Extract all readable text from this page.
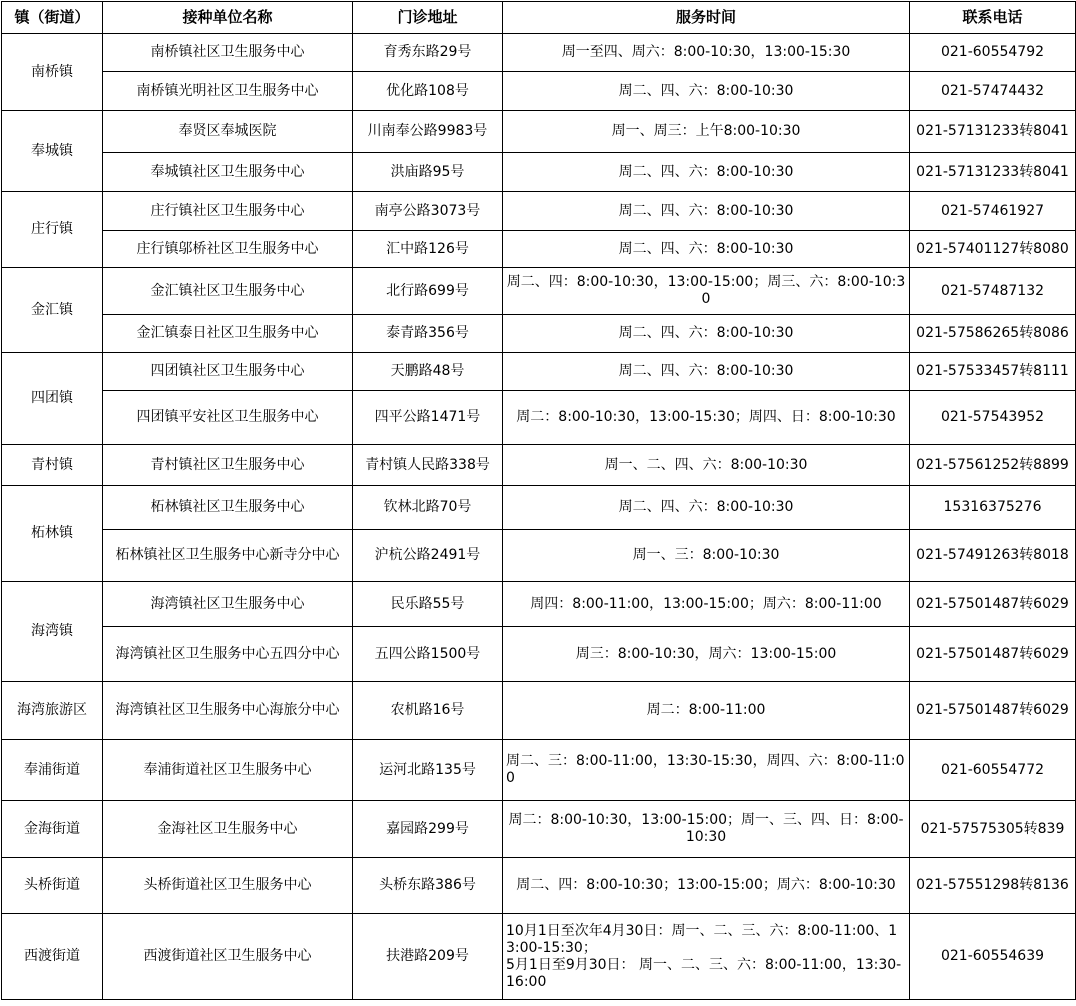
镇（街道）	接种单位名称	门诊地址	服务时间	联系电话
南桥镇	南桥镇社区卫生服务中心	育秀东路29号	周一至四、周六：8:00-10:30，13:00-15:30	021-60554792
	南桥镇光明社区卫生服务中心	优化路108号	周二、四、六：8:00-10:30	021-57474432
奉城镇	奉贤区奉城医院	川南奉公路9983号	周一、周三：上午8:00-10:30	021-57131233转8041
	奉城镇社区卫生服务中心	洪庙路95号	周二、四、六：8:00-10:30	021-57131233转8041
庄行镇	庄行镇社区卫生服务中心	南亭公路3073号	周二、四、六：8:00-10:30	021-57461927
	庄行镇邬桥社区卫生服务中心	汇中路126号	周二、四、六：8:00-10:30	021-57401127转8080
金汇镇	金汇镇社区卫生服务中心	北行路699号	周二、四：8:00-10:30，13:00-15:00；周三、六：8:00-10:30	021-57487132
	金汇镇泰日社区卫生服务中心	泰青路356号	周二、四、六：8:00-10:30	021-57586265转8086
四团镇	四团镇社区卫生服务中心	天鹏路48号	周二、四、六：8:00-10:30	021-57533457转8111
	四团镇平安社区卫生服务中心	四平公路1471号	周二：8:00-10:30，13:00-15:30；周四、日：8:00-10:30	021-57543952
青村镇	青村镇社区卫生服务中心	青村镇人民路338号	周一、二、四、六：8:00-10:30	021-57561252转8899
柘林镇	柘林镇社区卫生服务中心	钦林北路70号	周二、四、六：8:00-10:30	15316375276
	柘林镇社区卫生服务中心新寺分中心	沪杭公路2491号	周一、三：8:00-10:30	021-57491263转8018
海湾镇	海湾镇社区卫生服务中心	民乐路55号	周四：8:00-11:00，13:00-15:00；周六：8:00-11:00	021-57501487转6029
	海湾镇社区卫生服务中心五四分中心	五四公路1500号	周三：8:00-10:30，周六：13:00-15:00	021-57501487转6029
海湾旅游区	海湾镇社区卫生服务中心海旅分中心	农机路16号	周二：8:00-11:00	021-57501487转6029
奉浦街道	奉浦街道社区卫生服务中心	运河北路135号	周二、三：8:00-11:00，13:30-15:30，周四、六：8:00-11:00	021-60554772
金海街道	金海社区卫生服务中心	嘉园路299号	周二：8:00-10:30，13:00-15:00；周一、三、四、日：8:00-10:30	021-57575305转839
头桥街道	头桥街道社区卫生服务中心	头桥东路386号	周二、四：8:00-10:30；13:00-15:00；周六：8:00-10:30	021-57551298转8136
西渡街道	西渡街道社区卫生服务中心	扶港路209号	10月1日至次年4月30日：周一、二、三、六：8:00-11:00、13:00-15:30；
5月1日至9月30日： 周一、二、三、六：8:00-11:00，13:30-16:00	021-60554639
